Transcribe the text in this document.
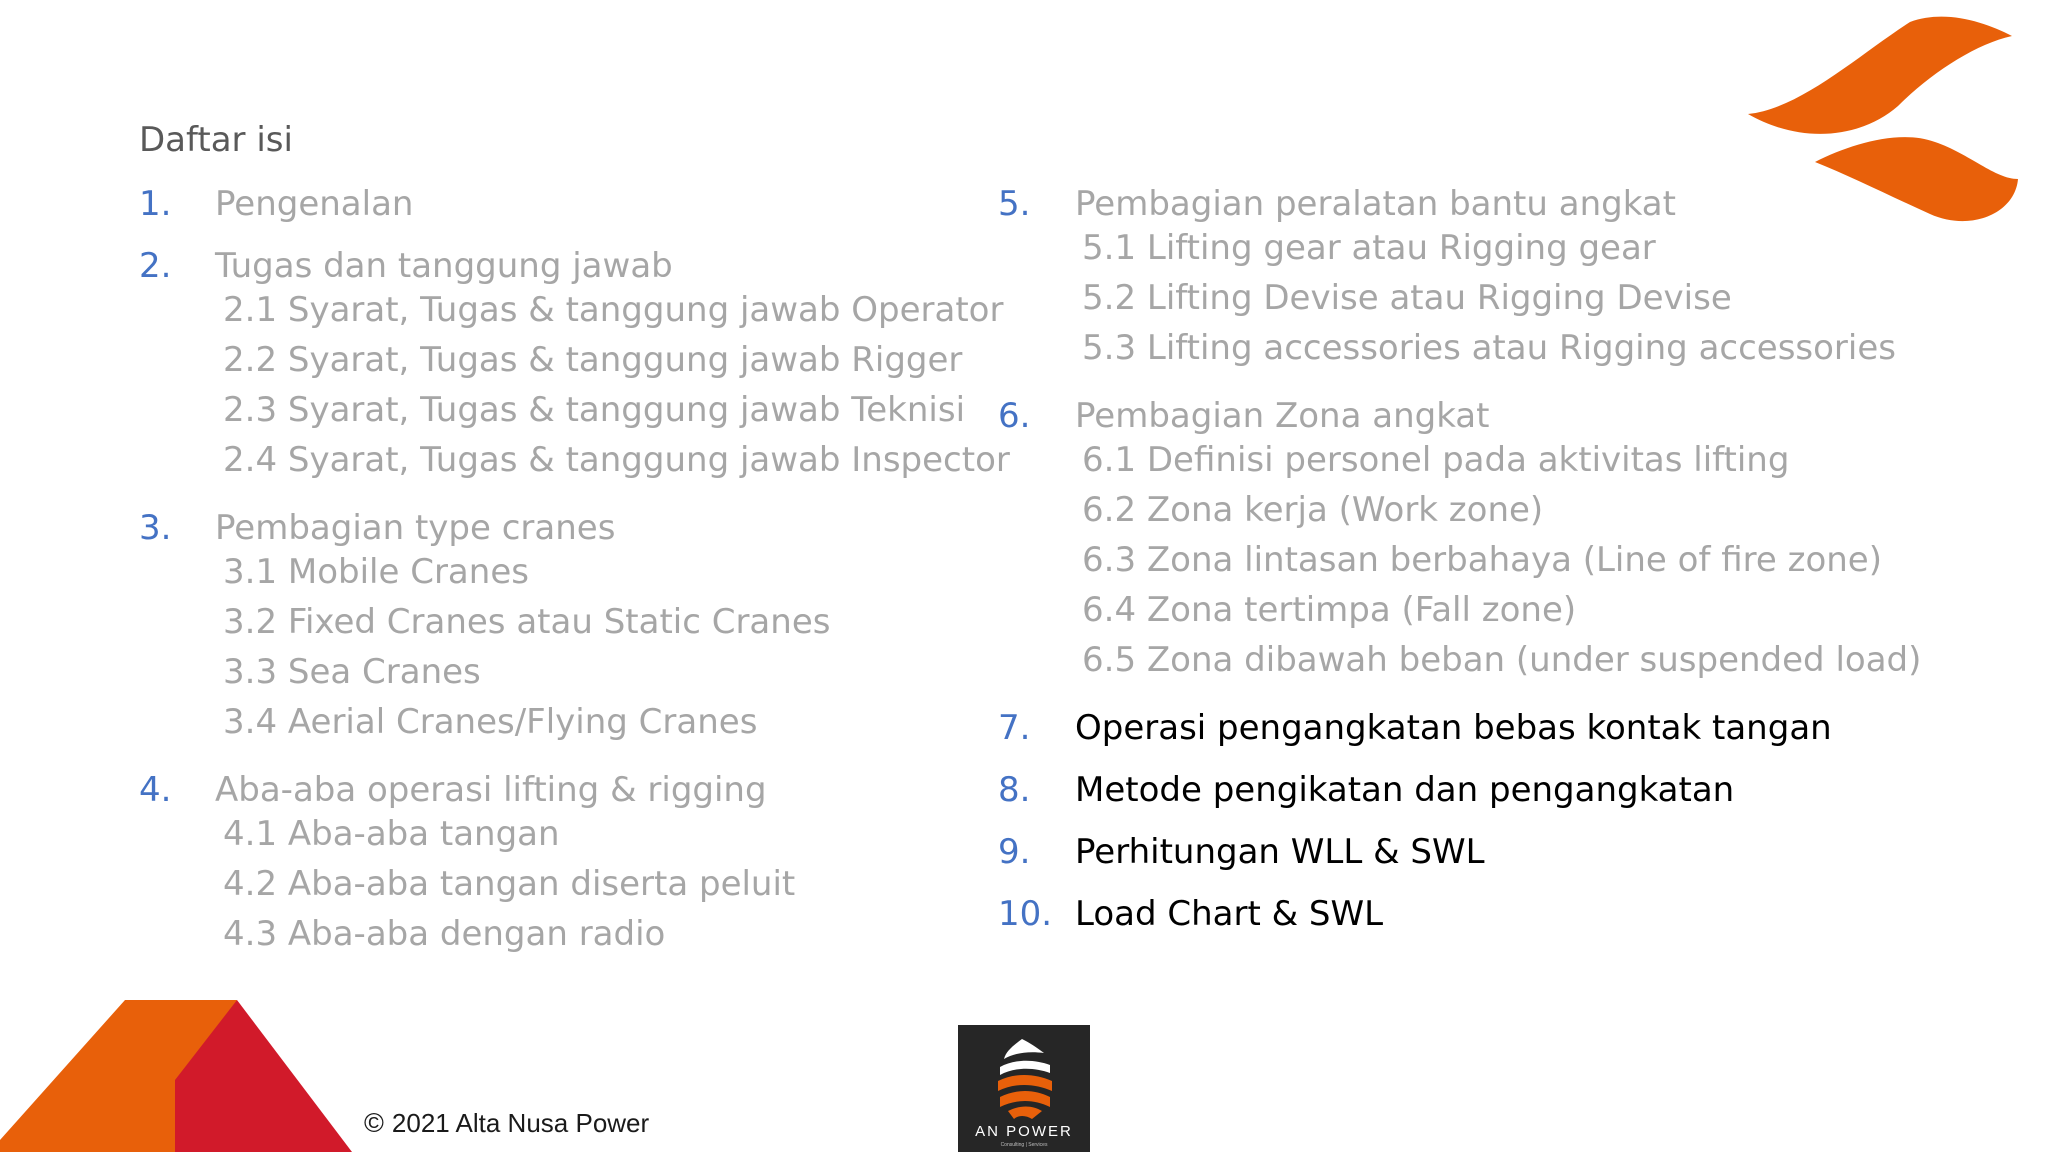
Daftar isi
1. Pengenalan
2. Tugas dan tanggung jawab
2.1 Syarat, Tugas & tanggung jawab Operator
2.2 Syarat, Tugas & tanggung jawab Rigger
2.3 Syarat, Tugas & tanggung jawab Teknisi
2.4 Syarat, Tugas & tanggung jawab Inspector
3. Pembagian type cranes
3.1 Mobile Cranes
3.2 Fixed Cranes atau Static Cranes
3.3 Sea Cranes
3.4 Aerial Cranes/Flying Cranes
4. Aba-aba operasi lifting & rigging
4.1 Aba-aba tangan
4.2 Aba-aba tangan diserta peluit
4.3 Aba-aba dengan radio
5. Pembagian peralatan bantu angkat
5.1 Lifting gear atau Rigging gear
5.2 Lifting Devise atau Rigging Devise
5.3 Lifting accessories atau Rigging accessories
6. Pembagian Zona angkat
6.1 Definisi personel pada aktivitas lifting
6.2 Zona kerja (Work zone)
6.3 Zona lintasan berbahaya (Line of fire zone)
6.4 Zona tertimpa (Fall zone)
6.5 Zona dibawah beban (under suspended load)
7. Operasi pengangkatan bebas kontak tangan
8. Metode pengikatan dan pengangkatan
9. Perhitungan WLL & SWL
10. Load Chart & SWL
© 2021 Alta Nusa Power	AN POWER
Consulting | Services
